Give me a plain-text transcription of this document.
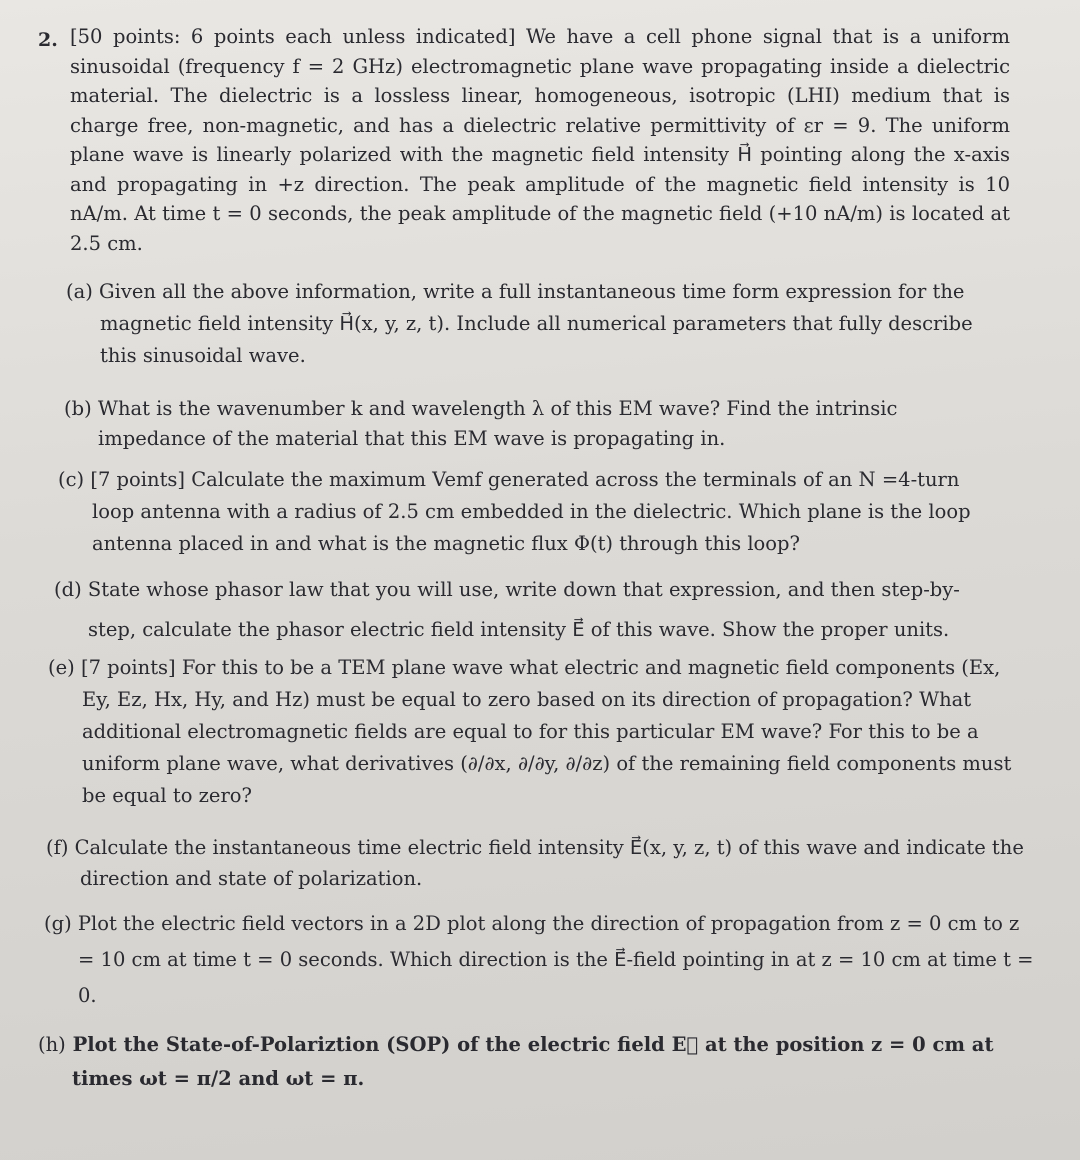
2. [50 points: 6 points each unless indicated] We have a cell phone signal that is a uniform sinusoidal (frequency f = 2 GHz) electromagnetic plane wave propagating inside a dielectric material. The dielectric is a lossless linear, homogeneous, isotropic (LHI) medium that is charge free, non-magnetic, and has a dielectric relative permittivity of εr = 9. The uniform plane wave is linearly polarized with the magnetic field intensity H⃗ pointing along the x-axis and propagating in +z direction. The peak amplitude of the magnetic field intensity is 10 nA/m. At time t = 0 seconds, the peak amplitude of the magnetic field (+10 nA/m) is located at 2.5 cm.

(a) Given all the above information, write a full instantaneous time form expression for the magnetic field intensity H⃗(x, y, z, t). Include all numerical parameters that fully describe this sinusoidal wave.

(b) What is the wavenumber k and wavelength λ of this EM wave? Find the intrinsic impedance of the material that this EM wave is propagating in.

(c) [7 points] Calculate the maximum Vemf generated across the terminals of an N =4-turn loop antenna with a radius of 2.5 cm embedded in the dielectric. Which plane is the loop antenna placed in and what is the magnetic flux Φ(t) through this loop?

(d) State whose phasor law that you will use, write down that expression, and then step-by-step, calculate the phasor electric field intensity E⃗ of this wave. Show the proper units.

(e) [7 points] For this to be a TEM plane wave what electric and magnetic field components (Ex, Ey, Ez, Hx, Hy, and Hz) must be equal to zero based on its direction of propagation? What additional electromagnetic fields are equal to for this particular EM wave? For this to be a uniform plane wave, what derivatives (∂/∂x, ∂/∂y, ∂/∂z) of the remaining field components must be equal to zero?

(f) Calculate the instantaneous time electric field intensity E⃗(x, y, z, t) of this wave and indicate the direction and state of polarization.

(g) Plot the electric field vectors in a 2D plot along the direction of propagation from z = 0 cm to z = 10 cm at time t = 0 seconds. Which direction is the E⃗-field pointing in at z = 10 cm at time t = 0.

(h) Plot the State-of-Polariztion (SOP) of the electric field E⃗ at the position z = 0 cm at times ωt = π/2 and ωt = π.
